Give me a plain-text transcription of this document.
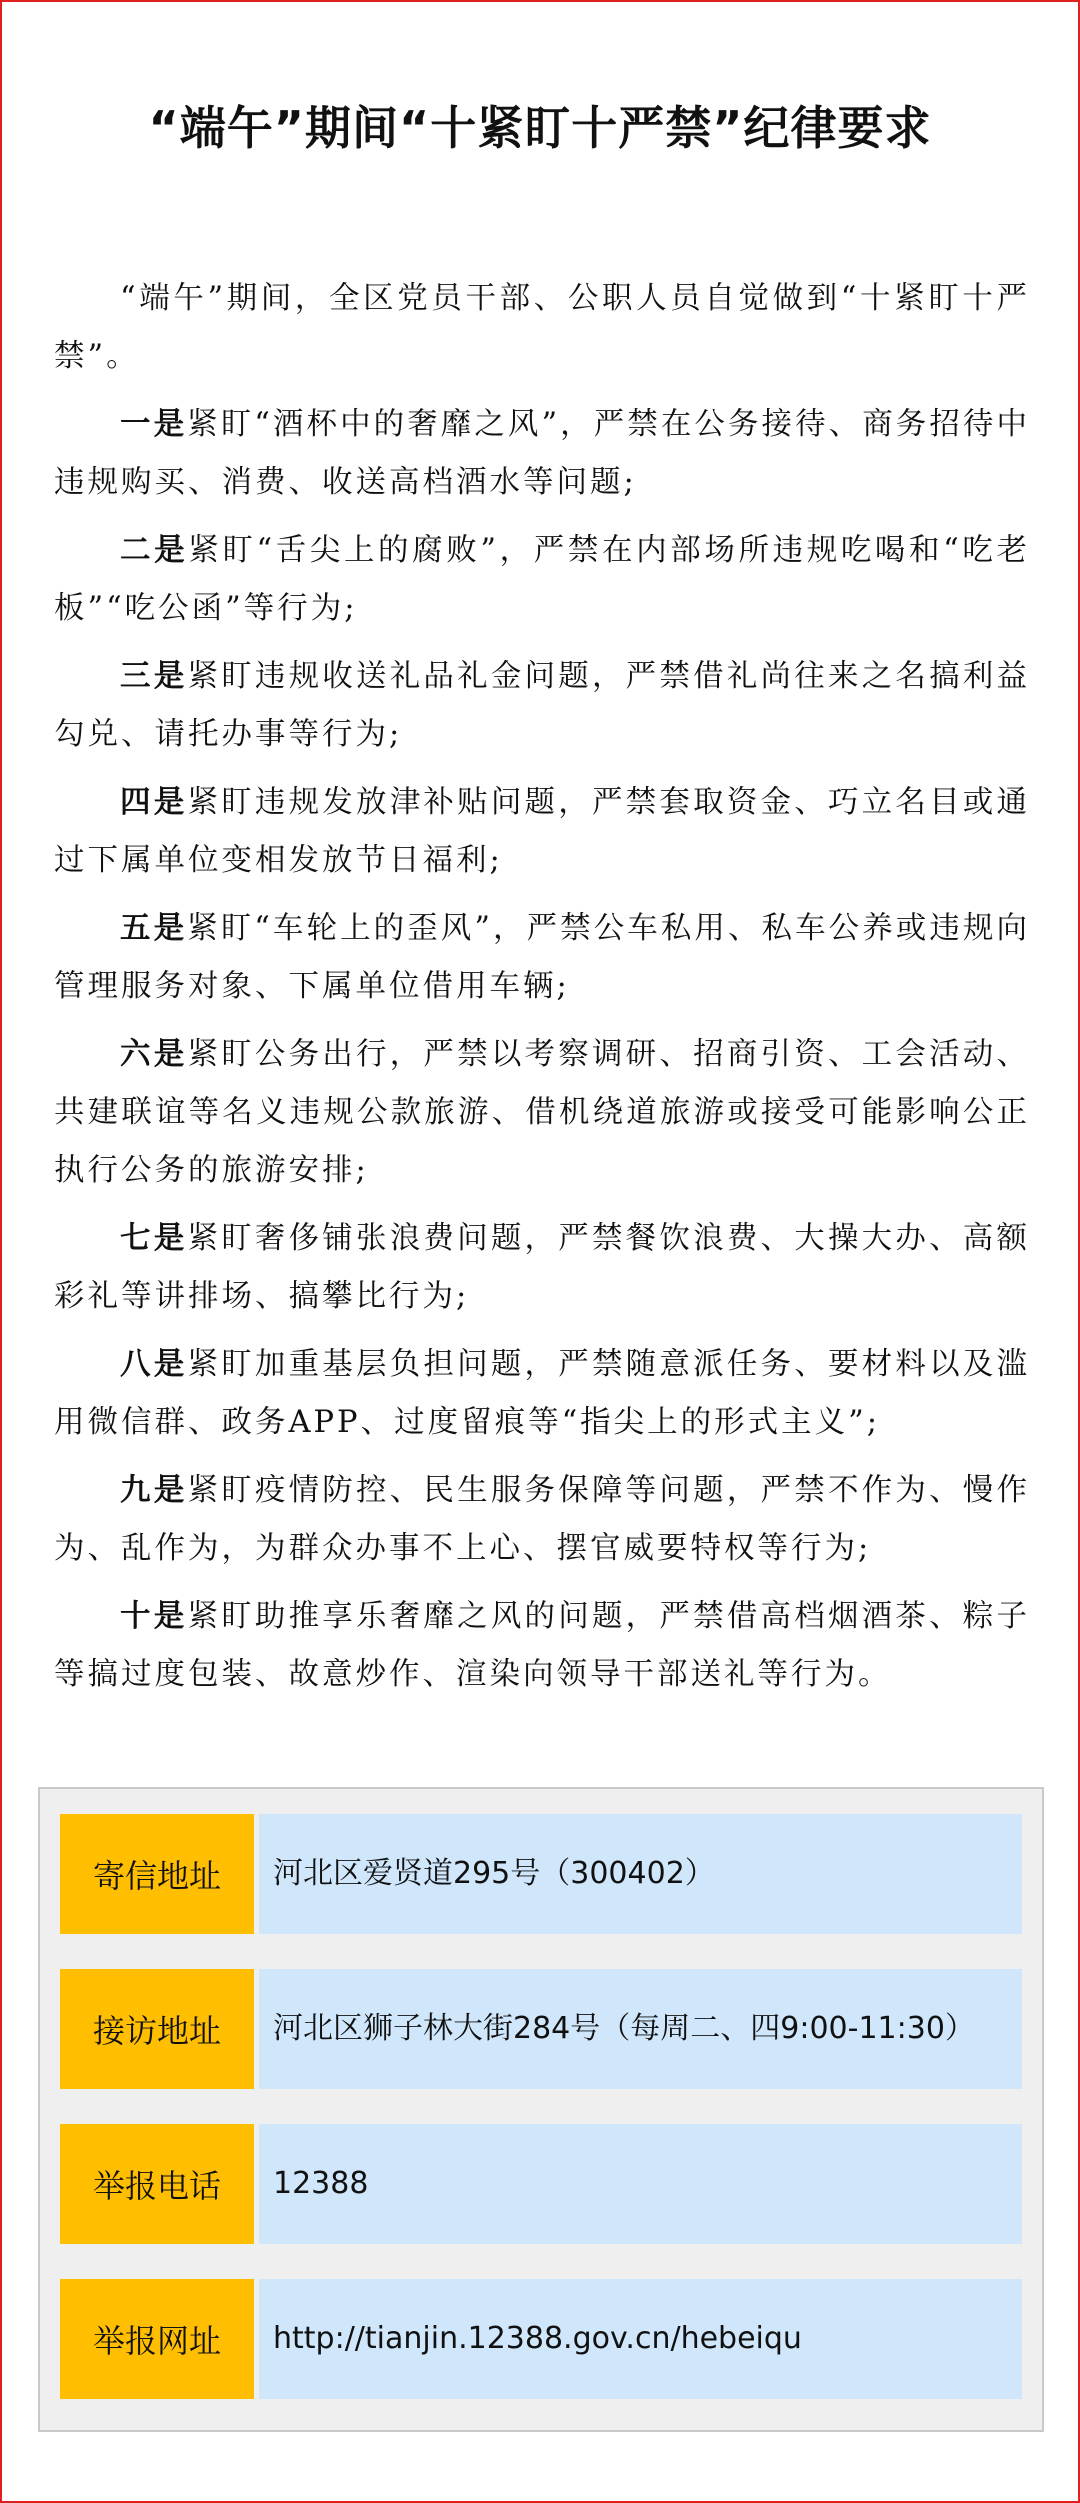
“端午”期间“十紧盯十严禁”纪律要求

“端午”期间，全区党员干部、公职人员自觉做到“十紧盯十严禁”。

一是紧盯“酒杯中的奢靡之风”，严禁在公务接待、商务招待中违规购买、消费、收送高档酒水等问题;

二是紧盯“舌尖上的腐败”，严禁在内部场所违规吃喝和“吃老板”“吃公函”等行为;

三是紧盯违规收送礼品礼金问题，严禁借礼尚往来之名搞利益勾兑、请托办事等行为;

四是紧盯违规发放津补贴问题，严禁套取资金、巧立名目或通过下属单位变相发放节日福利;

五是紧盯“车轮上的歪风”，严禁公车私用、私车公养或违规向管理服务对象、下属单位借用车辆;

六是紧盯公务出行，严禁以考察调研、招商引资、工会活动、共建联谊等名义违规公款旅游、借机绕道旅游或接受可能影响公正执行公务的旅游安排;

七是紧盯奢侈铺张浪费问题，严禁餐饮浪费、大操大办、高额彩礼等讲排场、搞攀比行为;

八是紧盯加重基层负担问题，严禁随意派任务、要材料以及滥用微信群、政务APP、过度留痕等“指尖上的形式主义”;

九是紧盯疫情防控、民生服务保障等问题，严禁不作为、慢作为、乱作为，为群众办事不上心、摆官威要特权等行为;

十是紧盯助推享乐奢靡之风的问题，严禁借高档烟酒茶、粽子等搞过度包装、故意炒作、渲染向领导干部送礼等行为。

寄信地址	河北区爱贤道295号（300402）
接访地址	河北区狮子林大街284号（每周二、四9:00-11:30）
举报电话	12388
举报网址	http://tianjin.12388.gov.cn/hebeiqu
